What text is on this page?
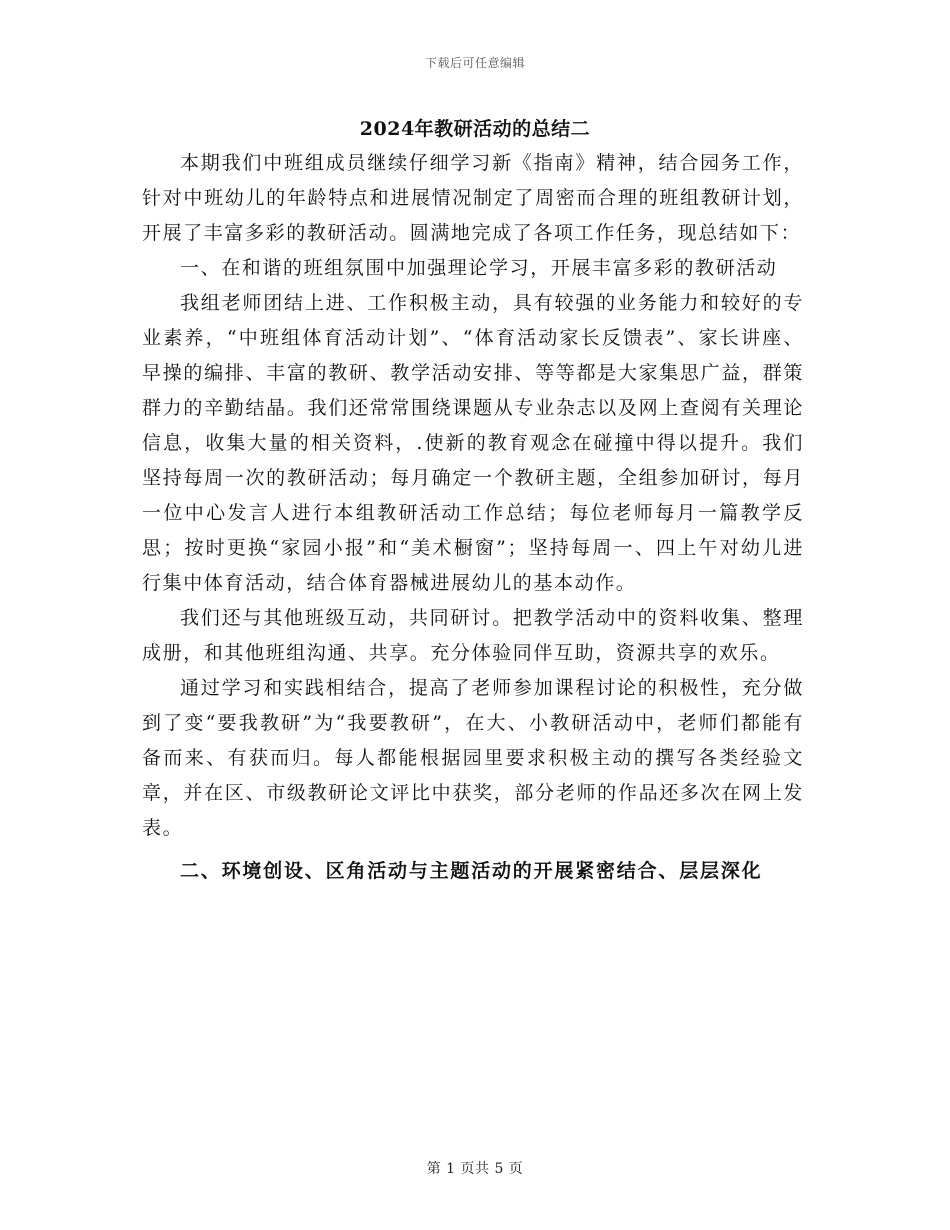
下载后可任意编辑
2024年教研活动的总结二

本期我们中班组成员继续仔细学习新《指南》精神，结合园务工作，针对中班幼儿的年龄特点和进展情况制定了周密而合理的班组教研计划，开展了丰富多彩的教研活动。圆满地完成了各项工作任务，现总结如下：

一、在和谐的班组氛围中加强理论学习，开展丰富多彩的教研活动

我组老师团结上进、工作积极主动，具有较强的业务能力和较好的专业素养，“中班组体育活动计划”、“体育活动家长反馈表”、家长讲座、早操的编排、丰富的教研、教学活动安排、等等都是大家集思广益，群策群力的辛勤结晶。我们还常常围绕课题从专业杂志以及网上查阅有关理论信息，收集大量的相关资料，.使新的教育观念在碰撞中得以提升。我们坚持每周一次的教研活动；每月确定一个教研主题，全组参加研讨，每月一位中心发言人进行本组教研活动工作总结；每位老师每月一篇教学反思；按时更换“家园小报”和“美术橱窗”；坚持每周一、四上午对幼儿进行集中体育活动，结合体育器械进展幼儿的基本动作。

我们还与其他班级互动，共同研讨。把教学活动中的资料收集、整理成册，和其他班组沟通、共享。充分体验同伴互助，资源共享的欢乐。

通过学习和实践相结合，提高了老师参加课程讨论的积极性，充分做到了变“要我教研”为“我要教研”，在大、小教研活动中，老师们都能有备而来、有获而归。每人都能根据园里要求积极主动的撰写各类经验文章，并在区、市级教研论文评比中获奖，部分老师的作品还多次在网上发表。

二、环境创设、区角活动与主题活动的开展紧密结合、层层深化

第 1 页共 5 页
